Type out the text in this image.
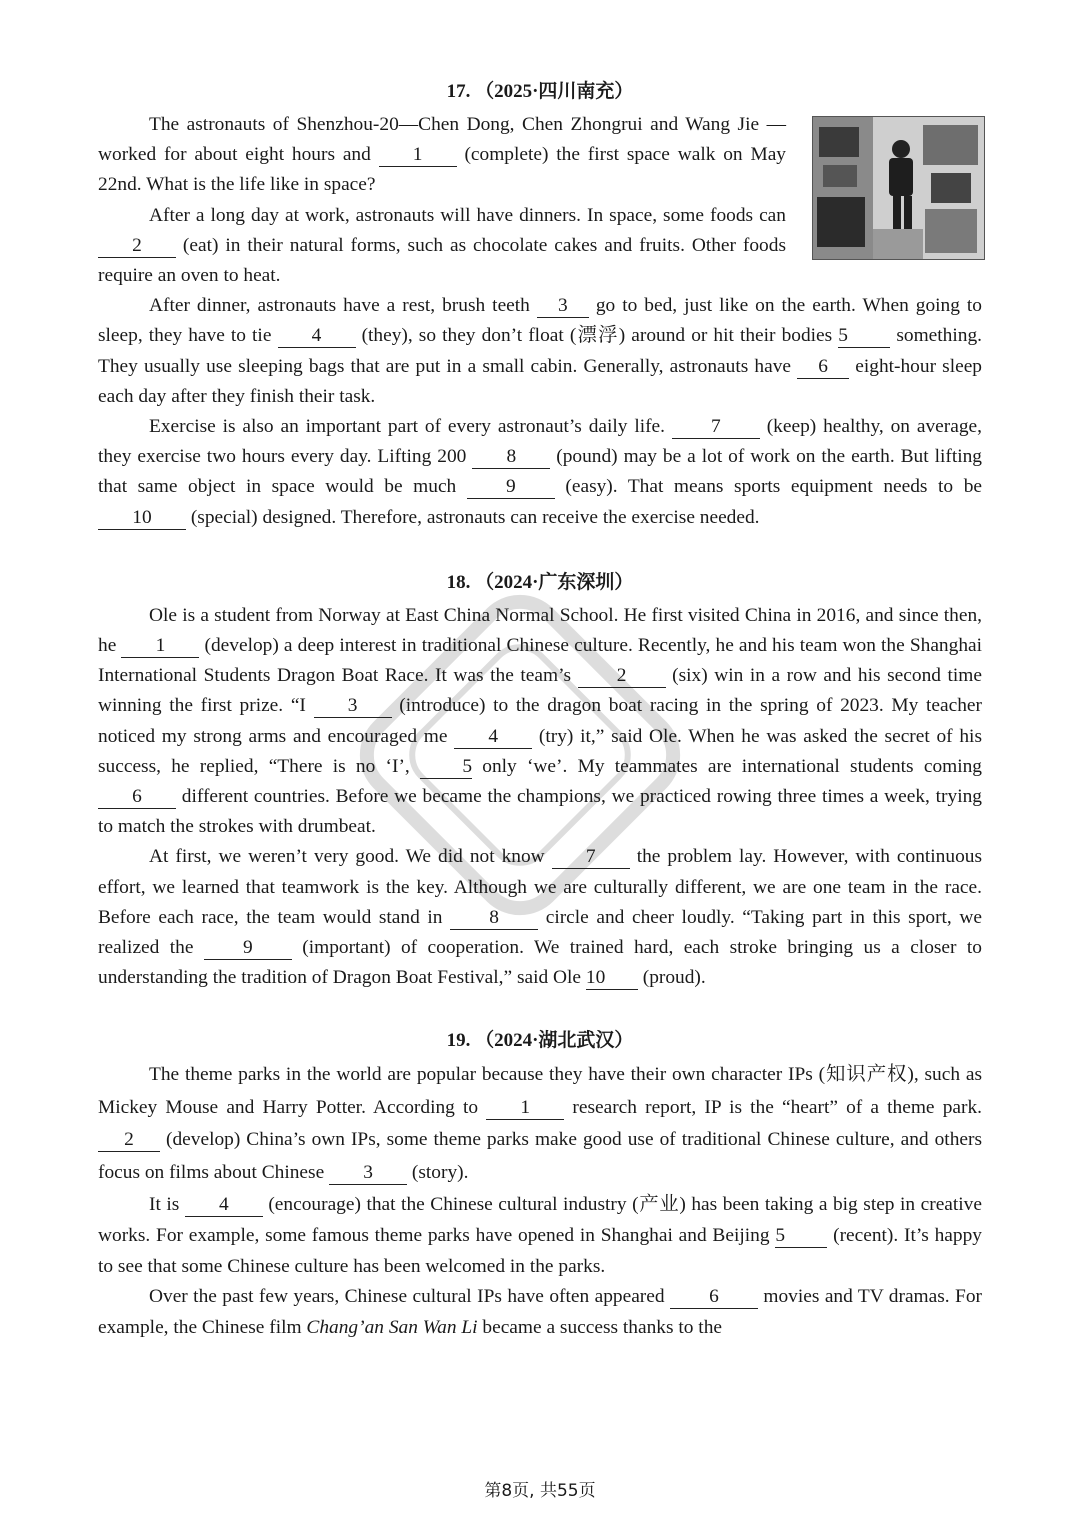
17. （2025·四川南充）

The astronauts of Shenzhou-20—Chen Dong, Chen Zhongrui and Wang Jie — worked for about eight hours and 1 (complete) the first space walk on May 22nd. What is the life like in space?

After a long day at work, astronauts will have dinners. In space, some foods can 2 (eat) in their natural forms, such as chocolate cakes and fruits. Other foods require an oven to heat.

After dinner, astronauts have a rest, brush teeth 3 go to bed, just like on the earth. When going to sleep, they have to tie 4 (they), so they don’t float (漂浮) around or hit their bodies 5 something. They usually use sleeping bags that are put in a small cabin. Generally, astronauts have 6 eight-hour sleep each day after they finish their task.

Exercise is also an important part of every astronaut’s daily life. 7 (keep) healthy, on average, they exercise two hours every day. Lifting 200 8 (pound) may be a lot of work on the earth. But lifting that same object in space would be much 9 (easy). That means sports equipment needs to be 10 (special) designed. Therefore, astronauts can receive the exercise needed.

18. （2024·广东深圳）

Ole is a student from Norway at East China Normal School. He first visited China in 2016, and since then, he 1 (develop) a deep interest in traditional Chinese culture. Recently, he and his team won the Shanghai International Students Dragon Boat Race. It was the team’s 2 (six) win in a row and his second time winning the first prize. “I 3 (introduce) to the dragon boat racing in the spring of 2023. My teacher noticed my strong arms and encouraged me 4 (try) it,” said Ole. When he was asked the secret of his success, he replied, “There is no ‘I’, 5 only ‘we’. My teammates are international students coming 6 different countries. Before we became the champions, we practiced rowing three times a week, trying to match the strokes with drumbeat.

At first, we weren’t very good. We did not know 7 the problem lay. However, with continuous effort, we learned that teamwork is the key. Although we are culturally different, we are one team in the race. Before each race, the team would stand in 8 circle and cheer loudly. “Taking part in this sport, we realized the 9 (important) of cooperation. We trained hard, each stroke bringing us a closer to understanding the tradition of Dragon Boat Festival,” said Ole 10 (proud).

19. （2024·湖北武汉）

The theme parks in the world are popular because they have their own character IPs (知识产权), such as Mickey Mouse and Harry Potter. According to 1 research report, IP is the “heart” of a theme park. 2 (develop) China’s own IPs, some theme parks make good use of traditional Chinese culture, and others focus on films about Chinese 3 (story).

It is 4 (encourage) that the Chinese cultural industry (产业) has been taking a big step in creative works. For example, some famous theme parks have opened in Shanghai and Beijing 5 (recent). It’s happy to see that some Chinese culture has been welcomed in the parks.

Over the past few years, Chinese cultural IPs have often appeared 6 movies and TV dramas. For example, the Chinese film Chang’an San Wan Li became a success thanks to the

第8页, 共55页
